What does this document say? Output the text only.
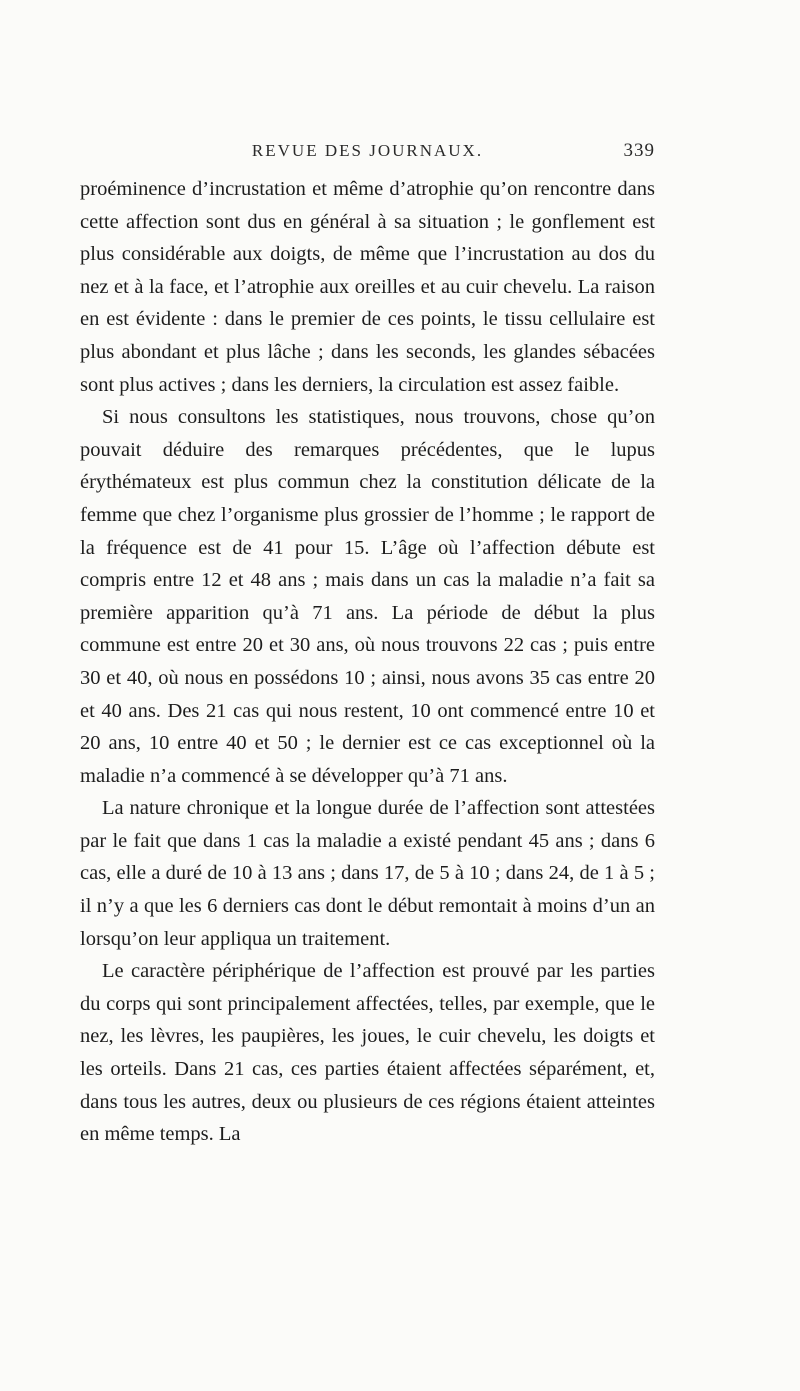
REVUE DES JOURNAUX.	339

proéminence d’incrustation et même d’atrophie qu’on rencontre dans cette affection sont dus en général à sa situation ; le gonflement est plus considérable aux doigts, de même que l’incrustation au dos du nez et à la face, et l’atrophie aux oreilles et au cuir chevelu. La raison en est évidente : dans le premier de ces points, le tissu cellulaire est plus abondant et plus lâche ; dans les seconds, les glandes sébacées sont plus actives ; dans les derniers, la circulation est assez faible.

Si nous consultons les statistiques, nous trouvons, chose qu’on pouvait déduire des remarques précédentes, que le lupus érythémateux est plus commun chez la constitution délicate de la femme que chez l’organisme plus grossier de l’homme ; le rapport de la fréquence est de 41 pour 15. L’âge où l’affection débute est compris entre 12 et 48 ans ; mais dans un cas la maladie n’a fait sa première apparition qu’à 71 ans. La période de début la plus commune est entre 20 et 30 ans, où nous trouvons 22 cas ; puis entre 30 et 40, où nous en possédons 10 ; ainsi, nous avons 35 cas entre 20 et 40 ans. Des 21 cas qui nous restent, 10 ont commencé entre 10 et 20 ans, 10 entre 40 et 50 ; le dernier est ce cas exceptionnel où la maladie n’a commencé à se développer qu’à 71 ans.

La nature chronique et la longue durée de l’affection sont attestées par le fait que dans 1 cas la maladie a existé pendant 45 ans ; dans 6 cas, elle a duré de 10 à 13 ans ; dans 17, de 5 à 10 ; dans 24, de 1 à 5 ; il n’y a que les 6 derniers cas dont le début remontait à moins d’un an lorsqu’on leur appliqua un traitement.

Le caractère périphérique de l’affection est prouvé par les parties du corps qui sont principalement affectées, telles, par exemple, que le nez, les lèvres, les paupières, les joues, le cuir chevelu, les doigts et les orteils. Dans 21 cas, ces parties étaient affectées séparément, et, dans tous les autres, deux ou plusieurs de ces régions étaient atteintes en même temps. La
